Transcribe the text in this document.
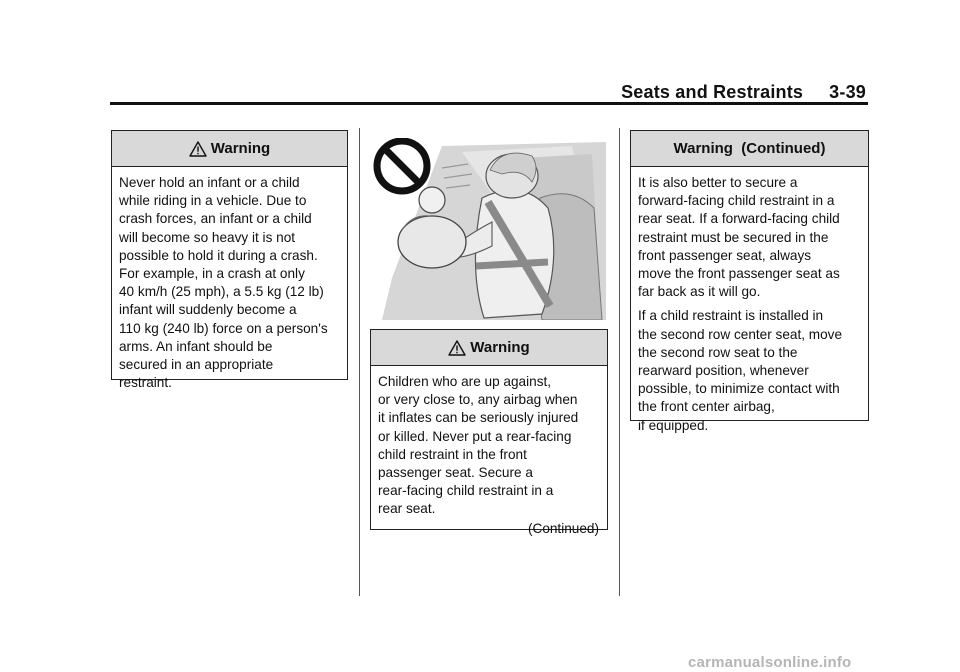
Seats and Restraints 3-39
Warning
Never hold an infant or a child
while riding in a vehicle. Due to
crash forces, an infant or a child
will become so heavy it is not
possible to hold it during a crash.
For example, in a crash at only
40 km/h (25 mph), a 5.5 kg (12 lb)
infant will suddenly become a
110 kg (240 lb) force on a person's
arms. An infant should be
secured in an appropriate
restraint.
Warning
Children who are up against,
or very close to, any airbag when
it inflates can be seriously injured
or killed. Never put a rear-facing
child restraint in the front
passenger seat. Secure a
rear-facing child restraint in a
rear seat.
(Continued)
Warning  (Continued)

It is also better to secure a
forward-facing child restraint in a
rear seat. If a forward-facing child
restraint must be secured in the
front passenger seat, always
move the front passenger seat as
far back as it will go.

If a child restraint is installed in
the second row center seat, move
the second row seat to the
rearward position, whenever
possible, to minimize contact with
the front center airbag,
if equipped.

carmanualsonline.info
